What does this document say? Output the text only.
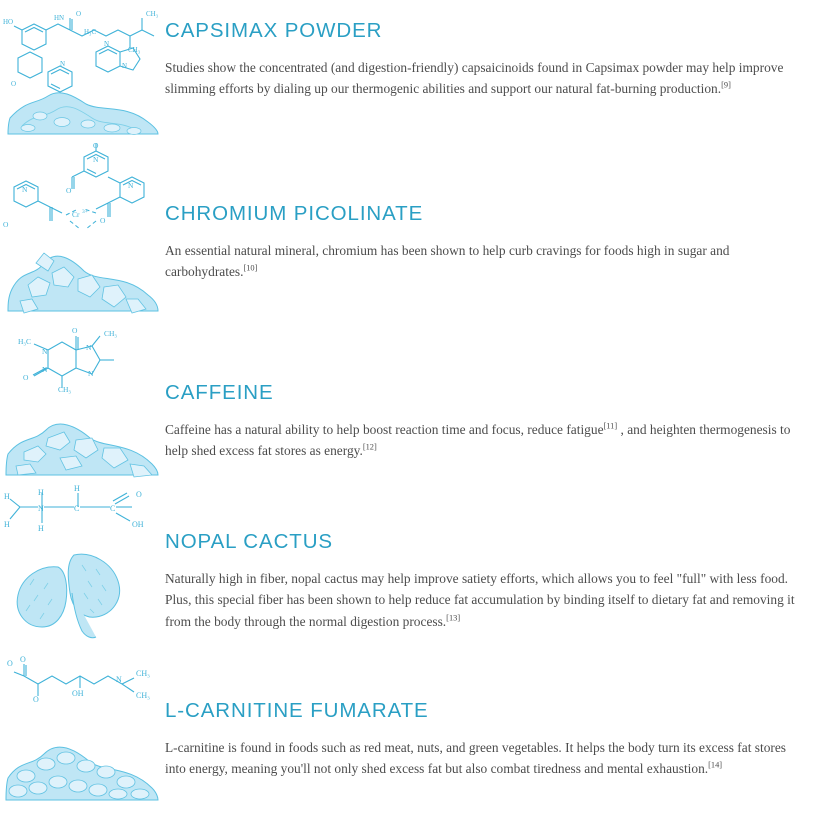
HO	HN O
H₃C
CH₃
CH₃
O
N
N
N
CAPSIMAX POWDER

Studies show the concentrated (and digestion-friendly) capsaicinoids found in Capsimax powder may help improve slimming efforts by dialing up our thermogenic abilities and support our natural fat-burning production.[9]

O
N
N
N
O
O
O
Cr 3+	CHROMIUM PICOLINATE

An essential natural mineral, chromium has been shown to help curb cravings for foods high in sugar and carbohydrates.[10]

H₃C
O	CH₃
O
N
N
N
N
CH₃	CAFFEINE

Caffeine has a natural ability to help boost reaction time and focus, reduce fatigue[11] , and heighten thermogenesis to help shed excess fat stores as energy.[12]

H
H
O
H
N	C	C
OH
H
H
NOPAL CACTUS

Naturally high in fiber, nopal cactus may help improve satiety efforts, which allows you to feel "full" with less food. Plus, this special fiber has been shown to help reduce fat accumulation by binding itself to dietary fat and removing it from the body through the normal digestion process.[13]

O O
O
OH
N
CH₃
CH₃
L-CARNITINE FUMARATE

L-carnitine is found in foods such as red meat, nuts, and green vegetables. It helps the body turn its excess fat stores into energy, meaning you'll not only shed excess fat but also combat tiredness and mental exhaustion.[14]
